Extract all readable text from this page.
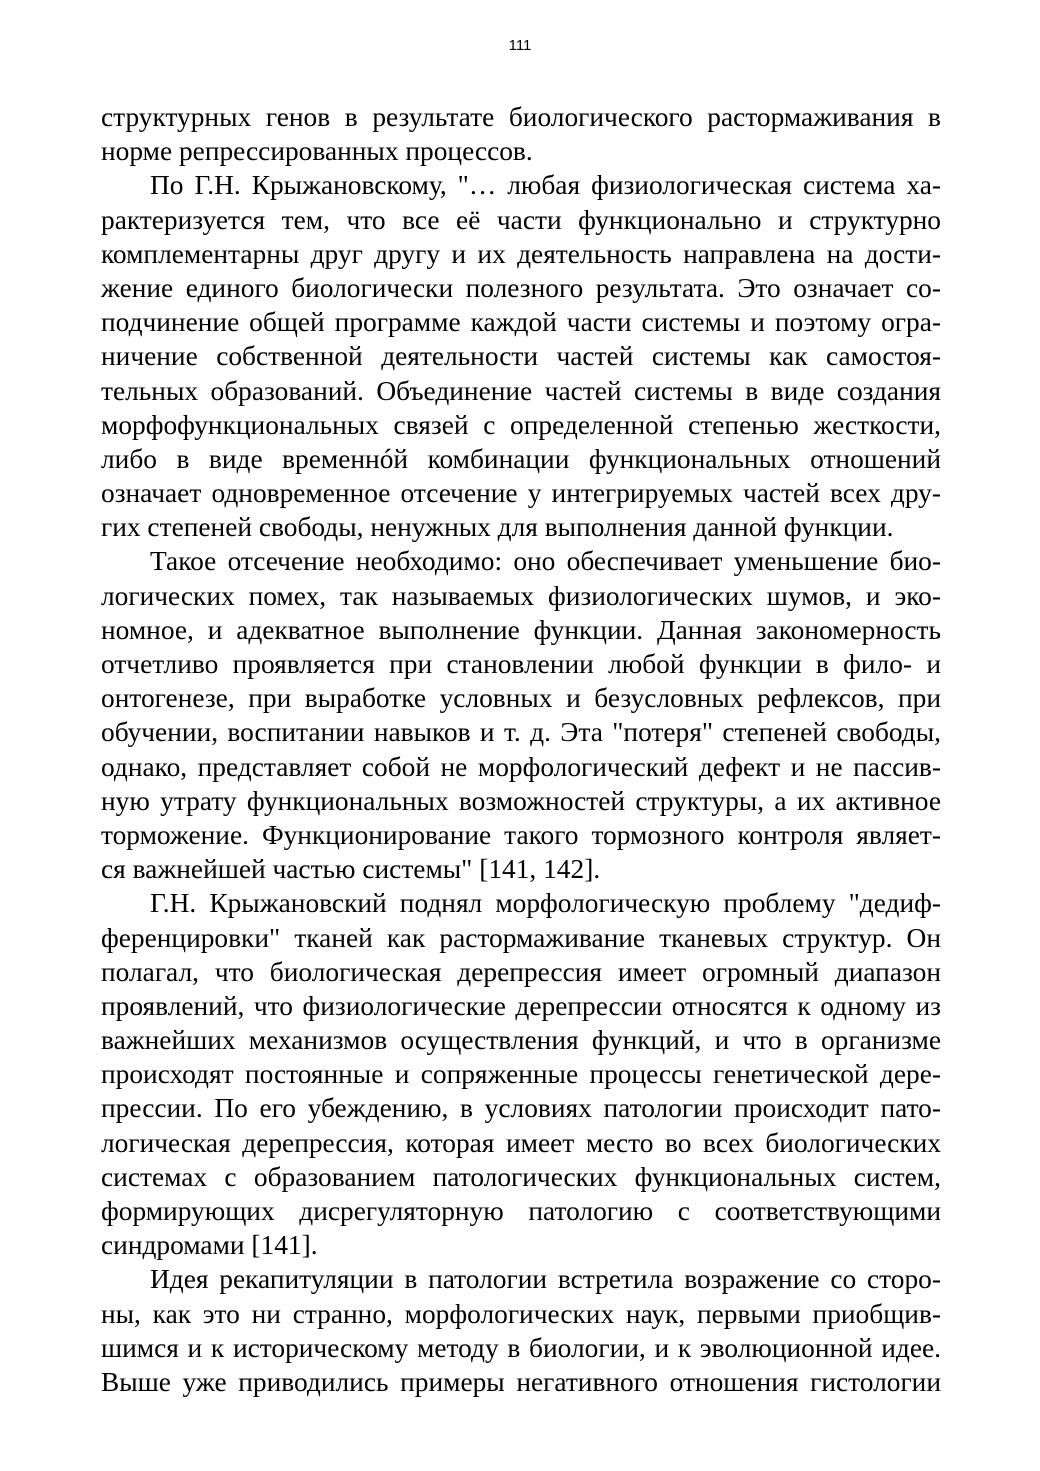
111
структурных генов в результате биологического растормаживания в
норме репрессированных процессов.
По Г.Н. Крыжановскому, "… любая физиологическая система ха-
рактеризуется тем, что все её части функционально и структурно
комплементарны друг другу и их деятельность направлена на дости-
жение единого биологически полезного результата. Это означает со-
подчинение общей программе каждой части системы и поэтому огра-
ничение собственной деятельности частей системы как самостоя-
тельных образований. Объединение частей системы в виде создания
морфофункциональных связей с определенной степенью жесткости,
либо в виде временнóй комбинации функциональных отношений
означает одновременное отсечение у интегрируемых частей всех дру-
гих степеней свободы, ненужных для выполнения данной функции.
Такое отсечение необходимо: оно обеспечивает уменьшение био-
логических помех, так называемых физиологических шумов, и эко-
номное, и адекватное выполнение функции. Данная закономерность
отчетливо проявляется при становлении любой функции в фило- и
онтогенезе, при выработке условных и безусловных рефлексов, при
обучении, воспитании навыков и т. д. Эта "потеря" степеней свободы,
однако, представляет собой не морфологический дефект и не пассив-
ную утрату функциональных возможностей структуры, а их активное
торможение. Функционирование такого тормозного контроля являет-
ся важнейшей частью системы" [141, 142].
Г.Н. Крыжановский поднял морфологическую проблему "дедиф-
ференцировки" тканей как растормаживание тканевых структур. Он
полагал, что биологическая дерепрессия имеет огромный диапазон
проявлений, что физиологические дерепрессии относятся к одному из
важнейших механизмов осуществления функций, и что в организме
происходят постоянные и сопряженные процессы генетической дере-
прессии. По его убеждению, в условиях патологии происходит пато-
логическая дерепрессия, которая имеет место во всех биологических
системах с образованием патологических функциональных систем,
формирующих дисрегуляторную патологию с соответствующими
синдромами [141].
Идея рекапитуляции в патологии встретила возражение со сторо-
ны, как это ни странно, морфологических наук, первыми приобщив-
шимся и к историческому методу в биологии, и к эволюционной идее.
Выше уже приводились примеры негативного отношения гистологии
